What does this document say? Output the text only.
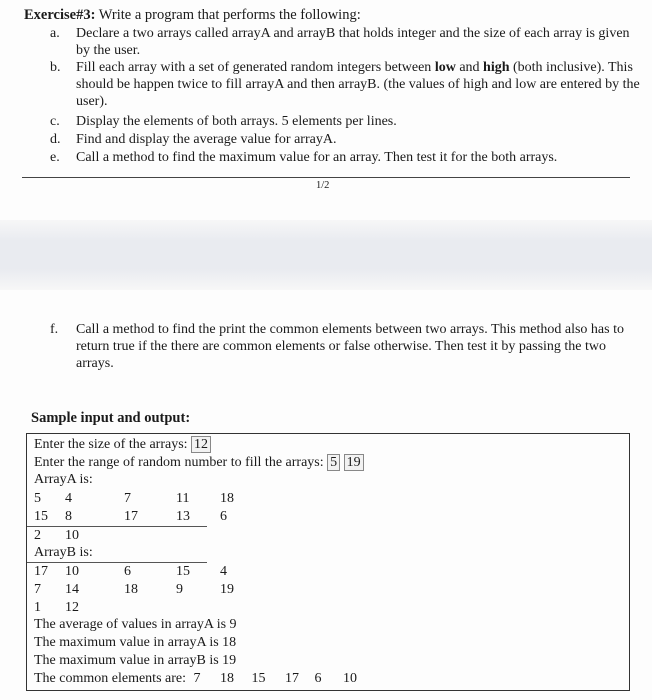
Exercise#3: Write a program that performs the following:
a.	Declare a two arrays called arrayA and arrayB that holds integer and the size of each array is given by the user.
b.	Fill each array with a set of generated random integers between low and high (both inclusive). This should be happen twice to fill arrayA and then arrayB. (the values of high and low are entered by the user).
c.	Display the elements of both arrays. 5 elements per lines.
d.	Find and display the average value for arrayA.
e.	Call a method to find the maximum value for an array. Then test it for the both arrays.
1/2
f.	Call a method to find the print the common elements between two arrays. This method also has to return true if the there are common elements or false otherwise. Then test it by passing the two arrays.
Sample input and output:
Enter the size of the arrays: 12
Enter the range of random number to fill the arrays: 5 19
ArrayA is:
5 4	7	11 18
15 8	17	13 6
2 10
ArrayB is:
17 10	6	15 4
7 14	18	9	19
1 12
The average of values in arrayA is 9
The maximum value in arrayA is 18
The maximum value in arrayB is 19
The common elements are: 7 18 15 17 6 10
